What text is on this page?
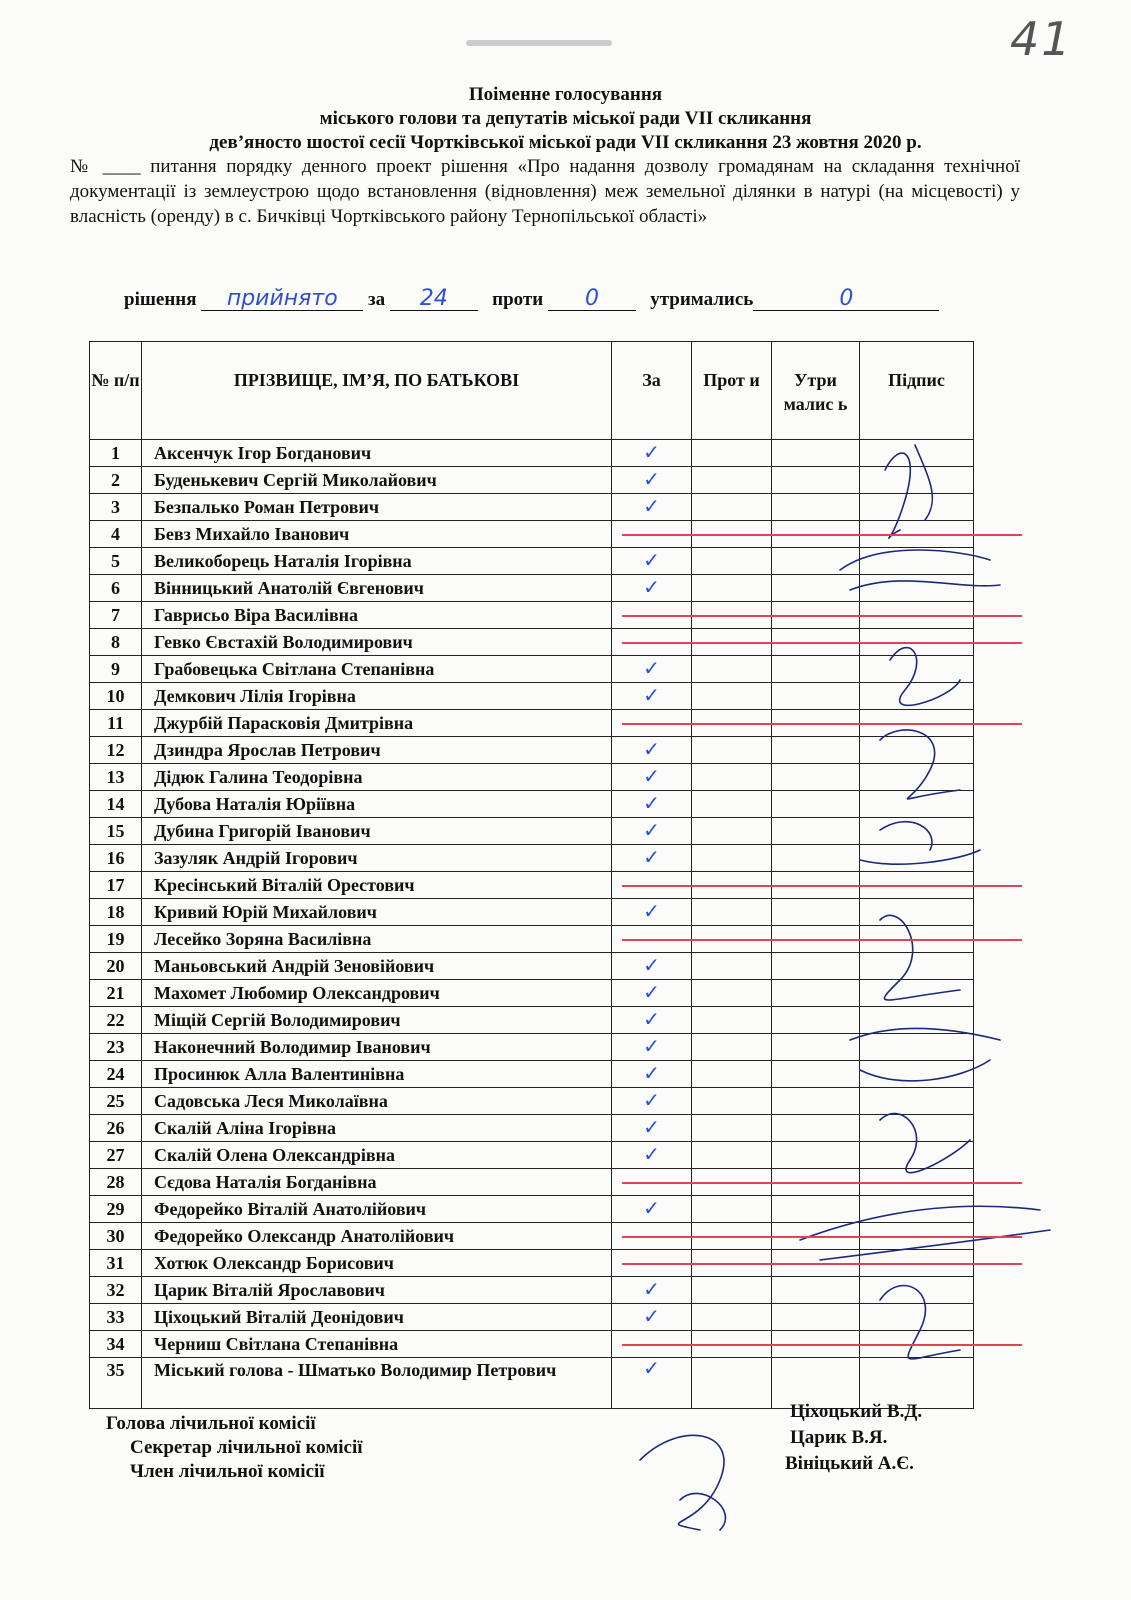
41
Поіменне голосування
міського голови та депутатів міської ради VІІ скликання
дев’яносто шостої сесії Чортківської міської ради VІІ скликання 23 жовтня 2020 р.
№ ____ питання порядку денного проект рішення «Про надання дозволу громадянам на складання технічної документації із землеустрою щодо встановлення (відновлення) меж земельної ділянки в натурі (на місцевості) у власність (оренду) в с. Бичківці Чортківського району Тернопільської області»
рішення прийнято за 24 проти 0	утримались	0
№ п/п	ПРІЗВИЩЕ, ІМ’Я, ПО БАТЬКОВІ	За	Прот и	Утри малис ь	Підпис
1	Аксенчук Ігор Богданович	✓			
2	Буденькевич Сергій Миколайович	✓			
3	Безпалько Роман Петрович	✓			
4	Бевз Михайло Іванович				
5	Великоборець Наталія Ігорівна	✓			
6	Вінницький Анатолій Євгенович	✓			
7	Гаврисьо Віра Василівна				
8	Гевко Євстахій Володимирович				
9	Грабовецька Світлана Степанівна	✓			
10	Демкович Лілія Ігорівна	✓			
11	Джурбій Парасковія Дмитрівна				
12	Дзиндра Ярослав Петрович	✓			
13	Дідюк Галина Теодорівна	✓			
14	Дубова Наталія Юріївна	✓			
15	Дубина Григорій Іванович	✓			
16	Зазуляк Андрій Ігорович	✓			
17	Кресінський Віталій Орестович				
18	Кривий Юрій Михайлович	✓			
19	Лесейко Зоряна Василівна				
20	Маньовський Андрій Зеновійович	✓			
21	Махомет Любомир Олександрович	✓			
22	Міщій Сергій Володимирович	✓			
23	Наконечний Володимир Іванович	✓			
24	Просинюк Алла Валентинівна	✓			
25	Садовська Леся Миколаївна	✓			
26	Скалій Аліна Ігорівна	✓			
27	Скалій Олена Олександрівна	✓			
28	Сєдова Наталія Богданівна				
29	Федорейко Віталій Анатолійович	✓			
30	Федорейко Олександр Анатолійович				
31	Хотюк Олександр Борисович				
32	Царик Віталій Ярославович	✓			
33	Ціхоцький Віталій Деонідович	✓			
34	Черниш Світлана Степанівна				
35	Міський голова - Шматько Володимир Петрович	✓			
Голова лічильної комісії
Секретар лічильної комісії
Член лічильної комісії
Ціхоцький В.Д.
Царик В.Я.
Вініцький А.Є.
